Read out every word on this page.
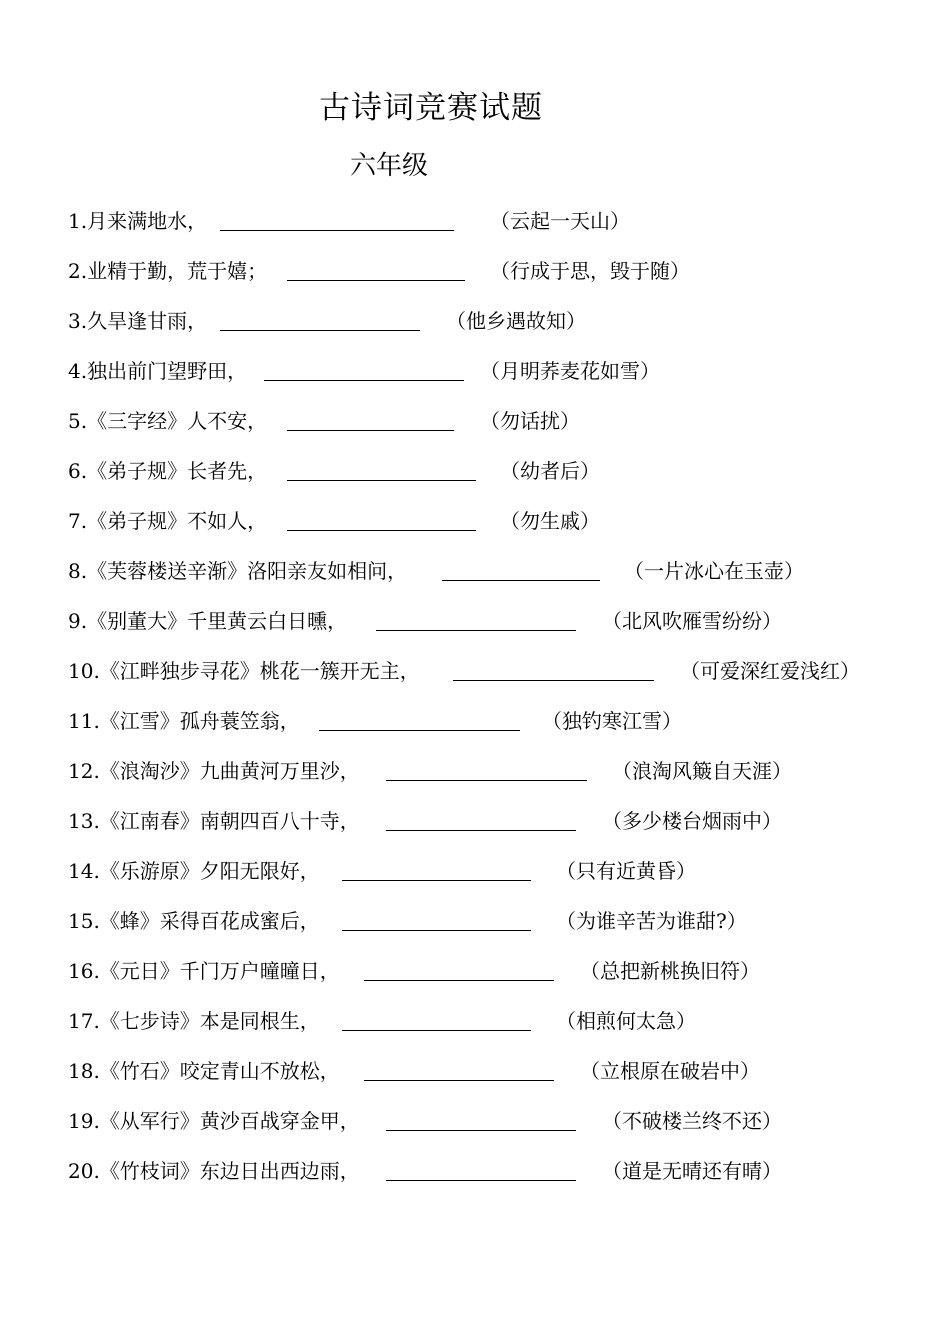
古诗词竞赛试题
六年级
1.月来满地水，	（云起一天山）
2.业精于勤，荒于嬉；	（行成于思，毁于随）
3.久旱逢甘雨，	（他乡遇故知）
4.独出前门望野田，	（月明荞麦花如雪）
5.《三字经》人不安，	（勿话扰）
6.《弟子规》长者先，	（幼者后）
7.《弟子规》不如人，	（勿生戚）
8.《芙蓉楼送辛渐》洛阳亲友如相问，	（一片冰心在玉壶）
9.《别董大》千里黄云白日曛，	（北风吹雁雪纷纷）
10.《江畔独步寻花》桃花一簇开无主，	（可爱深红爱浅红）
11.《江雪》孤舟蓑笠翁，	（独钓寒江雪）
12.《浪淘沙》九曲黄河万里沙，	（浪淘风簸自天涯）
13.《江南春》南朝四百八十寺，	（多少楼台烟雨中）
14.《乐游原》夕阳无限好，	（只有近黄昏）
15.《蜂》采得百花成蜜后，	（为谁辛苦为谁甜?）
16.《元日》千门万户曈曈日，	（总把新桃换旧符）
17.《七步诗》本是同根生，	（相煎何太急）
18.《竹石》咬定青山不放松，	（立根原在破岩中）
19.《从军行》黄沙百战穿金甲，	（不破楼兰终不还）
20.《竹枝词》东边日出西边雨，	（道是无晴还有晴）
